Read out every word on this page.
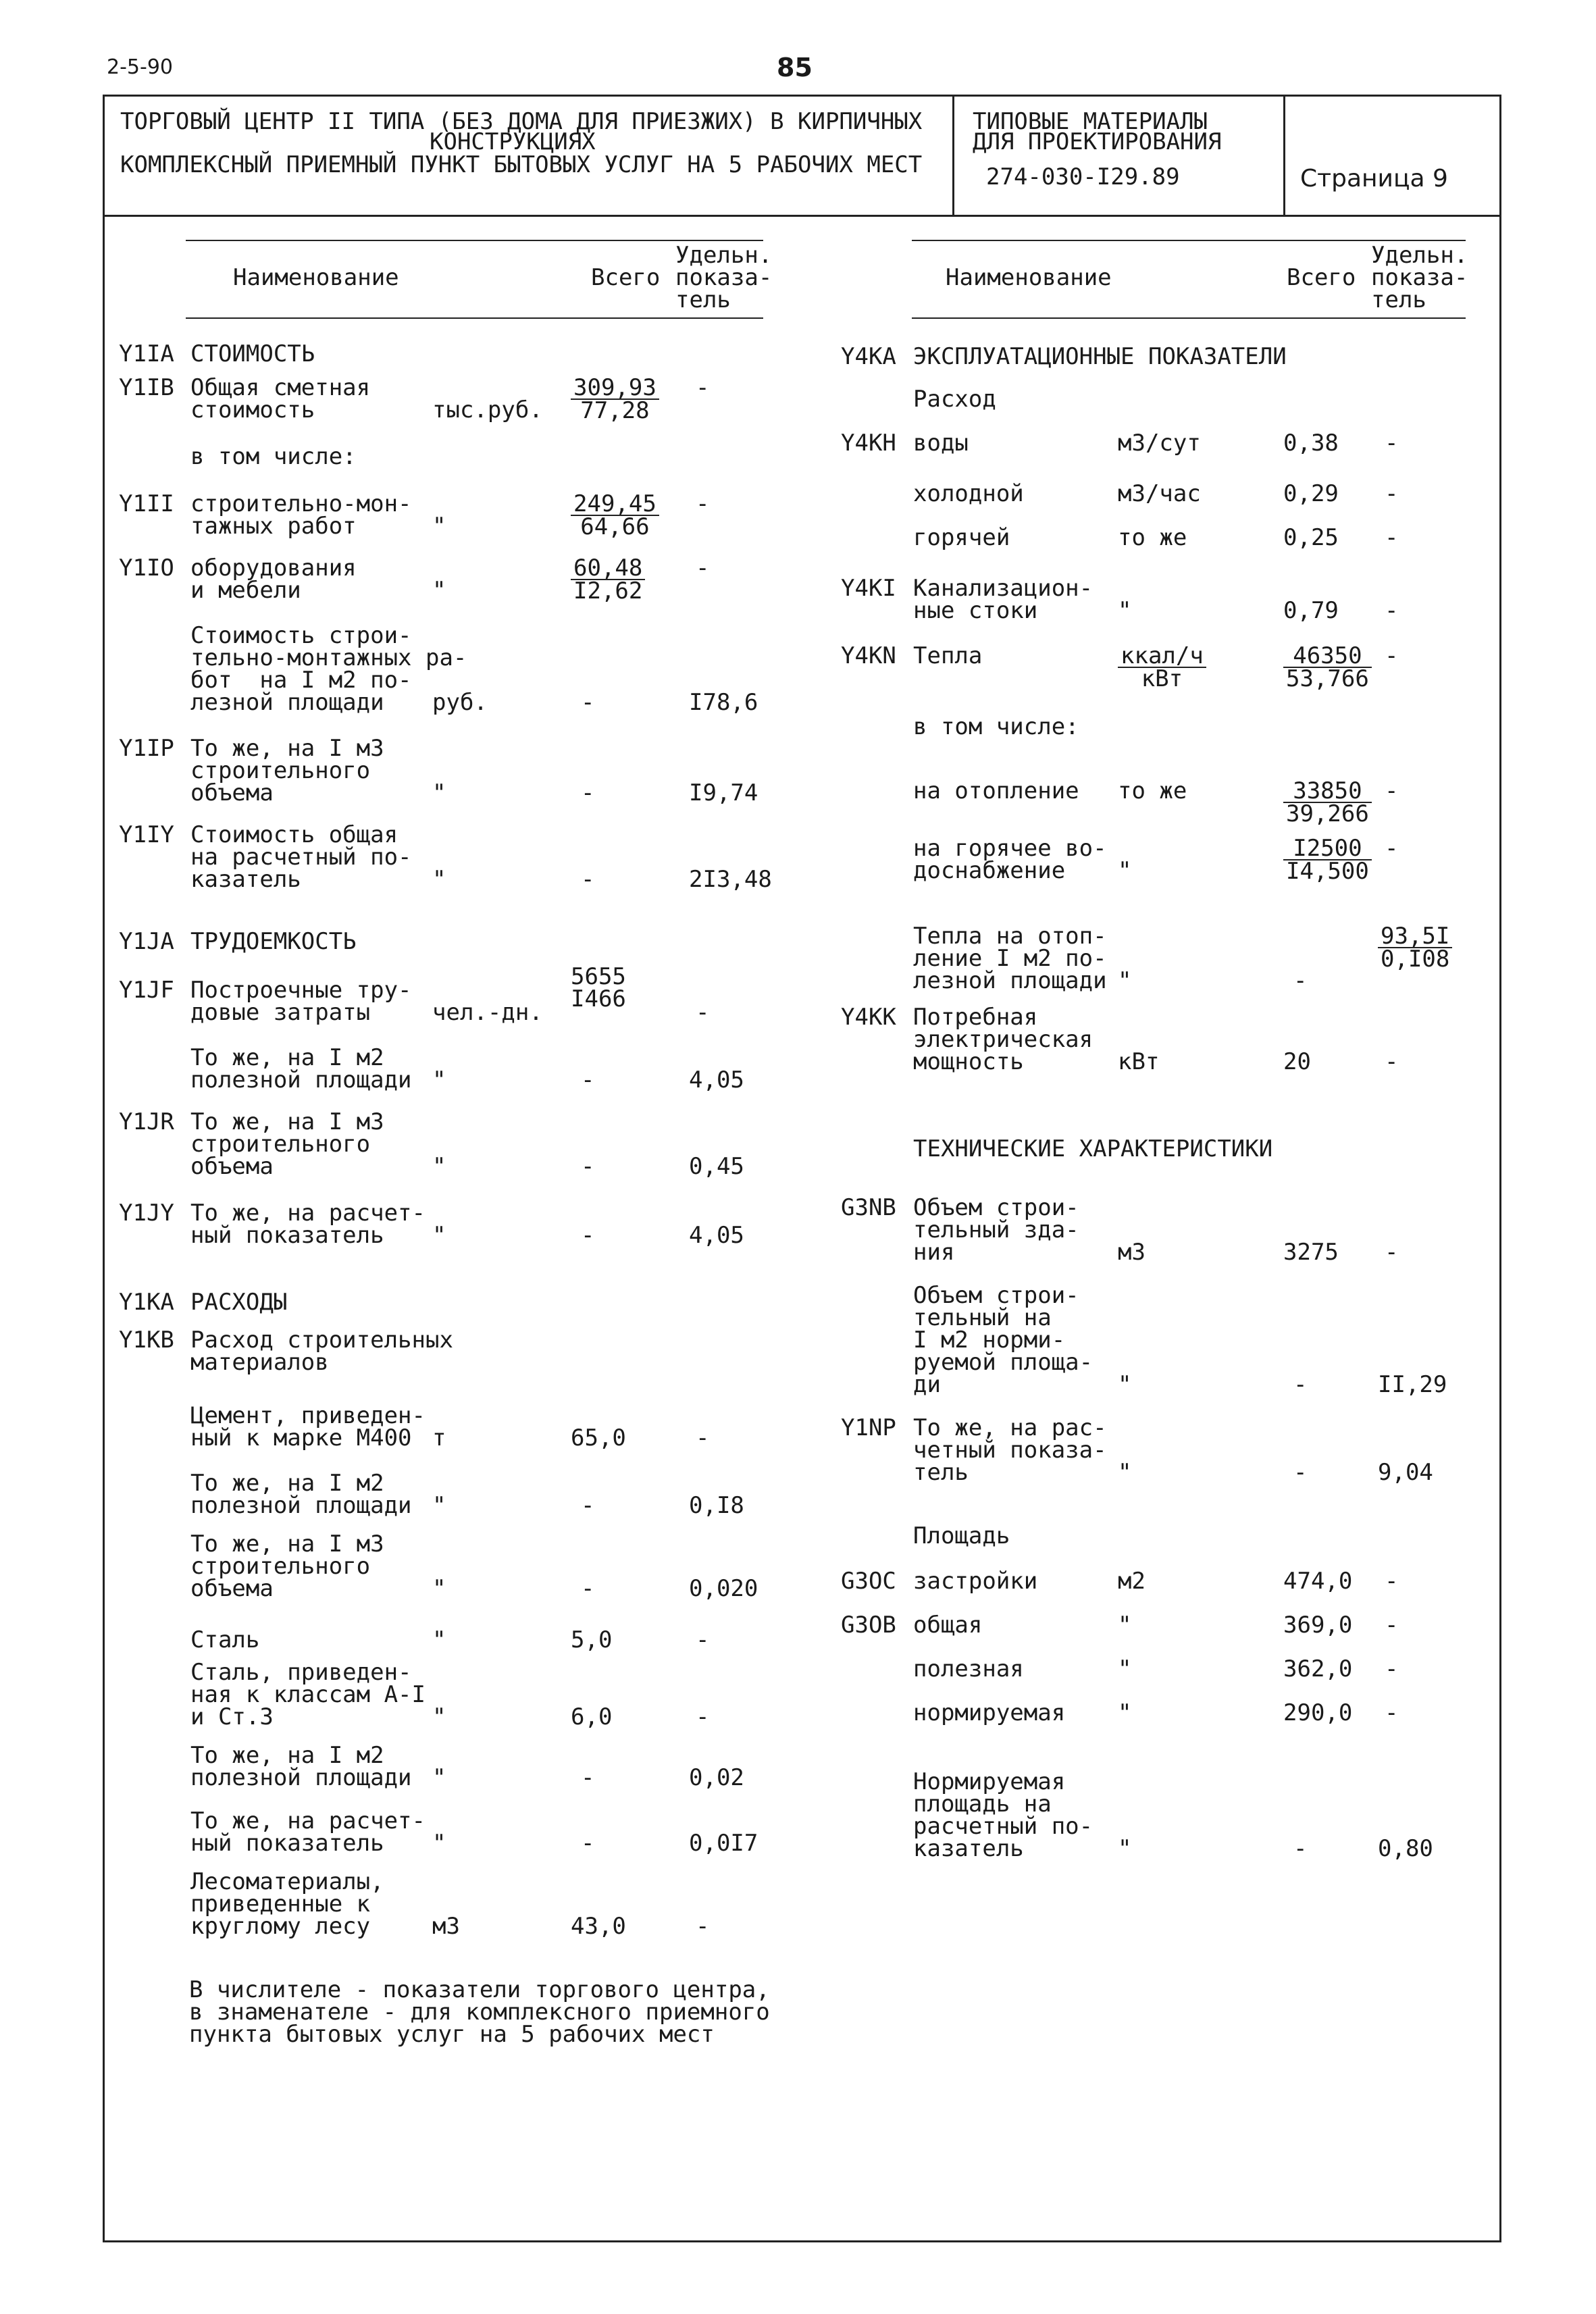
2-5-90	85
ТОРГОВЫЙ ЦЕНТР II ТИПА (БЕЗ ДОМА ДЛЯ ПРИЕЗЖИХ) В КИРПИЧНЫХ
КОНСТРУКЦИЯХ
КОМПЛЕКСНЫЙ ПРИЕМНЫЙ ПУНКТ БЫТОВЫХ УСЛУГ НА 5 РАБОЧИХ МЕСТ
ТИПОВЫЕ МАТЕРИАЛЫ
ДЛЯ ПРОЕКТИРОВАНИЯ
274-030-I29.89	Страница 9
Наименование	Всего
Удельн.
показа-
тель
Наименование	Всего
Удельн.
показа-
тель
Y1IA СТОИМОСТЬ
Y1IB Общая сметная
стоимость	тыс.руб. $\frac{309,93}{77,28}$ -
в том числе:
Y1II строительно-мон-
тажных работ	"	$\frac{249,45}{64,66}$ -
Y1IO оборудования
и мебели	"	$\frac{60,48}{I2,62}$ -
Стоимость строи-
тельно-монтажных ра-
бот  на I м2 по-
лезной площади руб.	-	I78,6
Y1IP То же, на I м3
строительного
объема	"	-	I9,74
Y1IY Стоимость общая
на расчетный по-
казатель	"	-	2I3,48
Y1JA ТРУДОЕМКОСТЬ
Y1JF Построечные тру-
довые затраты	чел.-дн.
5655
I466	-
То же, на I м2
полезной площади "	-	4,05
Y1JR То же, на I м3
строительного
объема	"	-	0,45
Y1JY То же, на расчет-
ный показатель "	-	4,05
Y1KA РАСХОДЫ
Y1KB Расход строительных
материалов
Цемент, приведен-
ный к марке М400 т	65,0	-
То же, на I м2
полезной площади "	-	0,I8
То же, на I м3
строительного
объема	"	-	0,020
Сталь	"	5,0	-
Сталь, приведен-
ная к классам А-I
и Ст.3	"	6,0	-
То же, на I м2
полезной площади "	-	0,02
То же, на расчет-
ный показатель "	-	0,0I7
Лесоматериалы,
приведенные к
круглому лесу	м3	43,0	-
Y4KA ЭКСПЛУАТАЦИОННЫЕ ПОКАЗАТЕЛИ
Расход
Y4KH воды	м3/сут	0,38 -
холодной	м3/час	0,29 -
горячей	то же	0,25 -
Y4KI Канализацион-
ные стоки	"	0,79 -
Y4KN Тепла	$\frac{\text{ккал/ч}}{\text{кВт}}$	$\frac{46350}{53,766}$ -
в том числе:
на отопление то же	$\frac{33850}{39,266}$ -
на горячее во-
доснабжение "	$\frac{I2500}{I4,500}$ -
Тепла на отоп-
ление I м2 по-
лезной площади "	-
$\frac{93,5I}{0,I08}$
Y4KK Потребная
электрическая
мощность	кВт	20	-
ТЕХНИЧЕСКИЕ ХАРАКТЕРИСТИКИ
G3NB Объем строи-
тельный зда-
ния	м3	3275 -
Объем строи-
тельный на
I м2 норми-
руемой площа-
ди	"	-	II,29
Y1NP То же, на рас-
четный показа-
тель	"	-	9,04
Площадь
G3OC застройки	м2	474,0 -
G3OB общая	"	369,0 -
полезная	"	362,0 -
нормируемая "	290,0 -
Нормируемая
площадь на
расчетный по-
казатель	"	-	0,80
В числителе - показатели торгового центра,
в знаменателе - для комплексного приемного
пункта бытовых услуг на 5 рабочих мест
